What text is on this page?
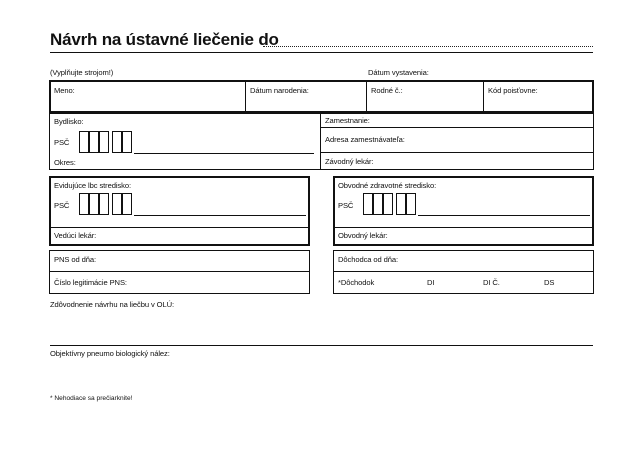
Návrh na ústavné liečenie do
(Vyplňujte strojom!)	Dátum vystavenia:
Meno:	Dátum narodenia:	Rodné č.:	Kód poisťovne:
Bydlisko:
PSČ
Okres:
Zamestnanie:
Adresa zamestnávateľa:
Závodný lekár:
Evidujúce lbc stredisko:
PSČ
Vedúci lekár:
Obvodné zdravotné stredisko:
PSČ
Obvodný lekár:
PNS od dňa:
Číslo legitimácie PNS:
Dôchodca od dňa:
*Dôchodok	DI	DI Č.	DS
Zdôvodnenie návrhu na liečbu v OLÚ:
Objektívny pneumo biologický nález:
* Nehodiace sa prečiarknite!
